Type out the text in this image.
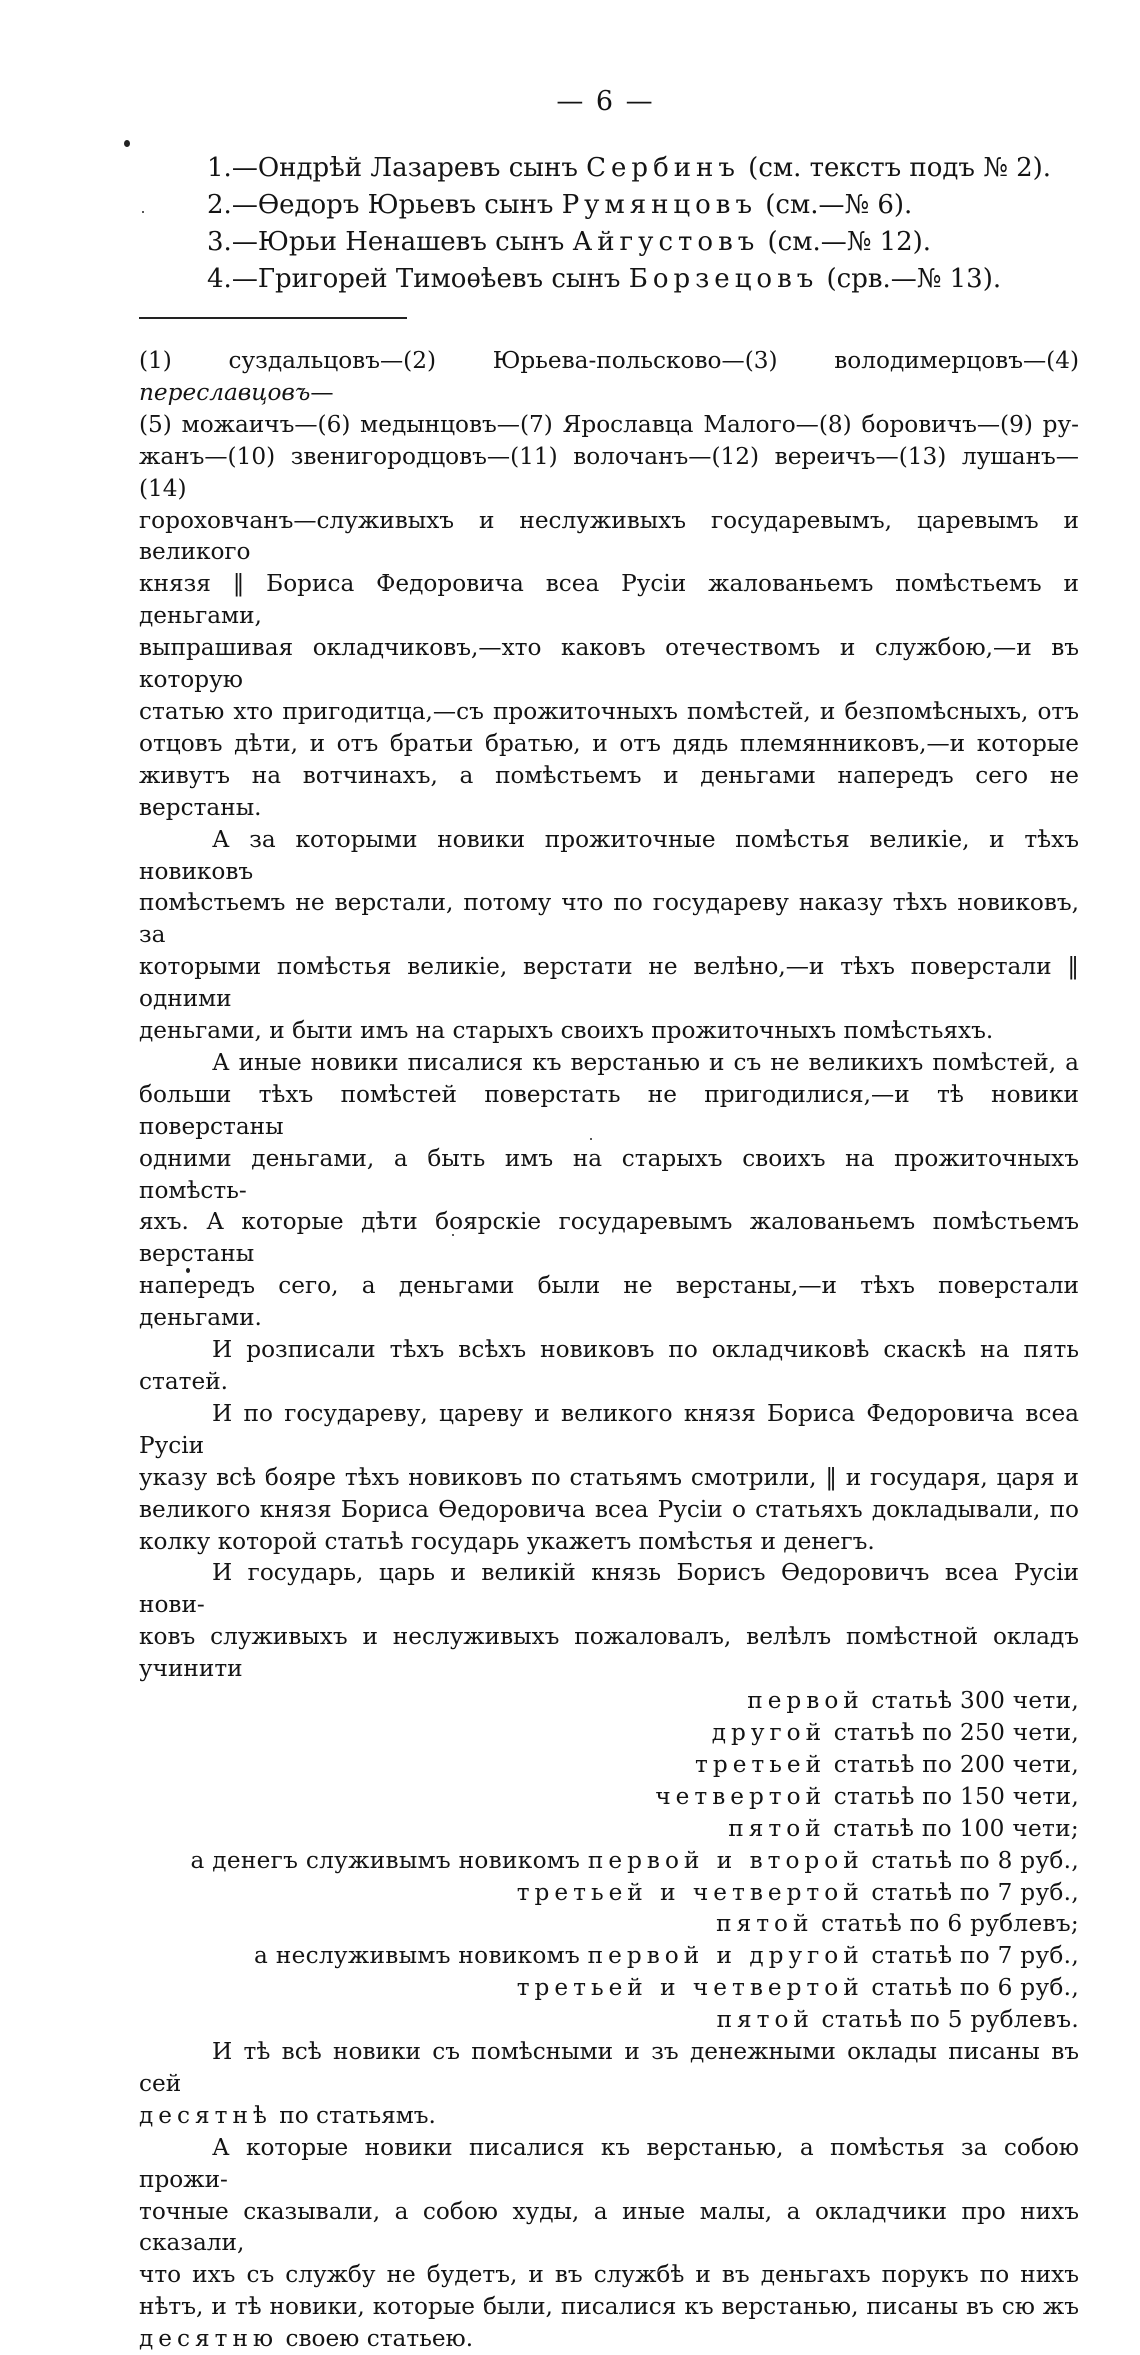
— 6 —
1.—Ондрѣй Лазаревъ сынъ Сербинъ (см. текстъ подъ № 2).
2.—Ѳедоръ Юрьевъ сынъ Румянцовъ (см.—№ 6).
3.—Юрьи Ненашевъ сынъ Айгустовъ (см.—№ 12).
4.—Григорей Тимоѳѣевъ сынъ Борзецовъ (срв.—№ 13).

(1) суздальцовъ—(2) Юрьева-польсково—(3) володимерцовъ—(4) переславцовъ—

(5) можаичъ—(6) медынцовъ—(7) Ярославца Малого—(8) боровичъ—(9) ру-

жанъ—(10) звенигородцовъ—(11) волочанъ—(12) вереичъ—(13) лушанъ—(14)

гороховчанъ—служивыхъ и неслуживыхъ государевымъ, царевымъ и великого

князя ‖ Бориса Федоровича всеа Русіи жалованьемъ помѣстьемъ и деньгами,

выпрашивая окладчиковъ,—хто каковъ отечествомъ и службою,—и въ которую

статью хто пригодитца,—съ прожиточныхъ помѣстей, и безпомѣсныхъ, отъ

отцовъ дѣти, и отъ братьи братью, и отъ дядь племянниковъ,—и которые

живутъ на вотчинахъ, а помѣстьемъ и деньгами напередъ сего не верстаны.

А за которыми новики прожиточные помѣстья великіе, и тѣхъ новиковъ

помѣстьемъ не верстали, потому что по государеву наказу тѣхъ новиковъ, за

которыми помѣстья великіе, верстати не велѣно,—и тѣхъ поверстали ‖ одними

деньгами, и быти имъ на старыхъ своихъ прожиточныхъ помѣстьяхъ.

А иные новики писалися къ верстанью и съ не великихъ помѣстей, а

больши тѣхъ помѣстей поверстать не пригодилися,—и тѣ новики поверстаны

одними деньгами, а быть имъ на старыхъ своихъ на прожиточныхъ помѣсть-

яхъ. А которые дѣти боярскіе государевымъ жалованьемъ помѣстьемъ верстаны

напередъ сего, а деньгами были не верстаны,—и тѣхъ поверстали деньгами.

И розписали тѣхъ всѣхъ новиковъ по окладчиковѣ скаскѣ на пять статей.

И по государеву, цареву и великого князя Бориса Федоровича всеа Русіи

указу всѣ бояре тѣхъ новиковъ по статьямъ смотрили, ‖ и государя, царя и

великого князя Бориса Ѳедоровича всеа Русіи о статьяхъ докладывали, по

колку которой статьѣ государь укажетъ помѣстья и денегъ.

И государь, царь и великій князь Борисъ Ѳедоровичъ всеа Русіи нови-

ковъ служивыхъ и неслуживыхъ пожаловалъ, велѣлъ помѣстной окладъ учинити

первой статьѣ 300 чети,
другой статьѣ по 250 чети,
третьей статьѣ по 200 чети,
четвертой статьѣ по 150 чети,
пятой статьѣ по 100 чети;
а денегъ служивымъ новикомъ первой и второй статьѣ по 8 руб.,
третьей и четвертой статьѣ по 7 руб.,
пятой статьѣ по 6 рублевъ;
а неслуживымъ новикомъ первой и другой статьѣ по 7 руб.,
третьей и четвертой статьѣ по 6 руб.,
пятой статьѣ по 5 рублевъ.

И тѣ всѣ новики съ помѣсными и зъ денежными оклады писаны въ сей

десятнѣ по статьямъ.

А которые новики писалися къ верстанью, а помѣстья за собою прожи-

точные сказывали, а собою худы, а иные малы, а окладчики про нихъ сказали,

что ихъ съ службу не будетъ, и въ службѣ и въ деньгахъ порукъ по нихъ

нѣтъ, и тѣ новики, которые были, писалися къ верстанью, писаны въ сю жъ

десятню своею статьею.
